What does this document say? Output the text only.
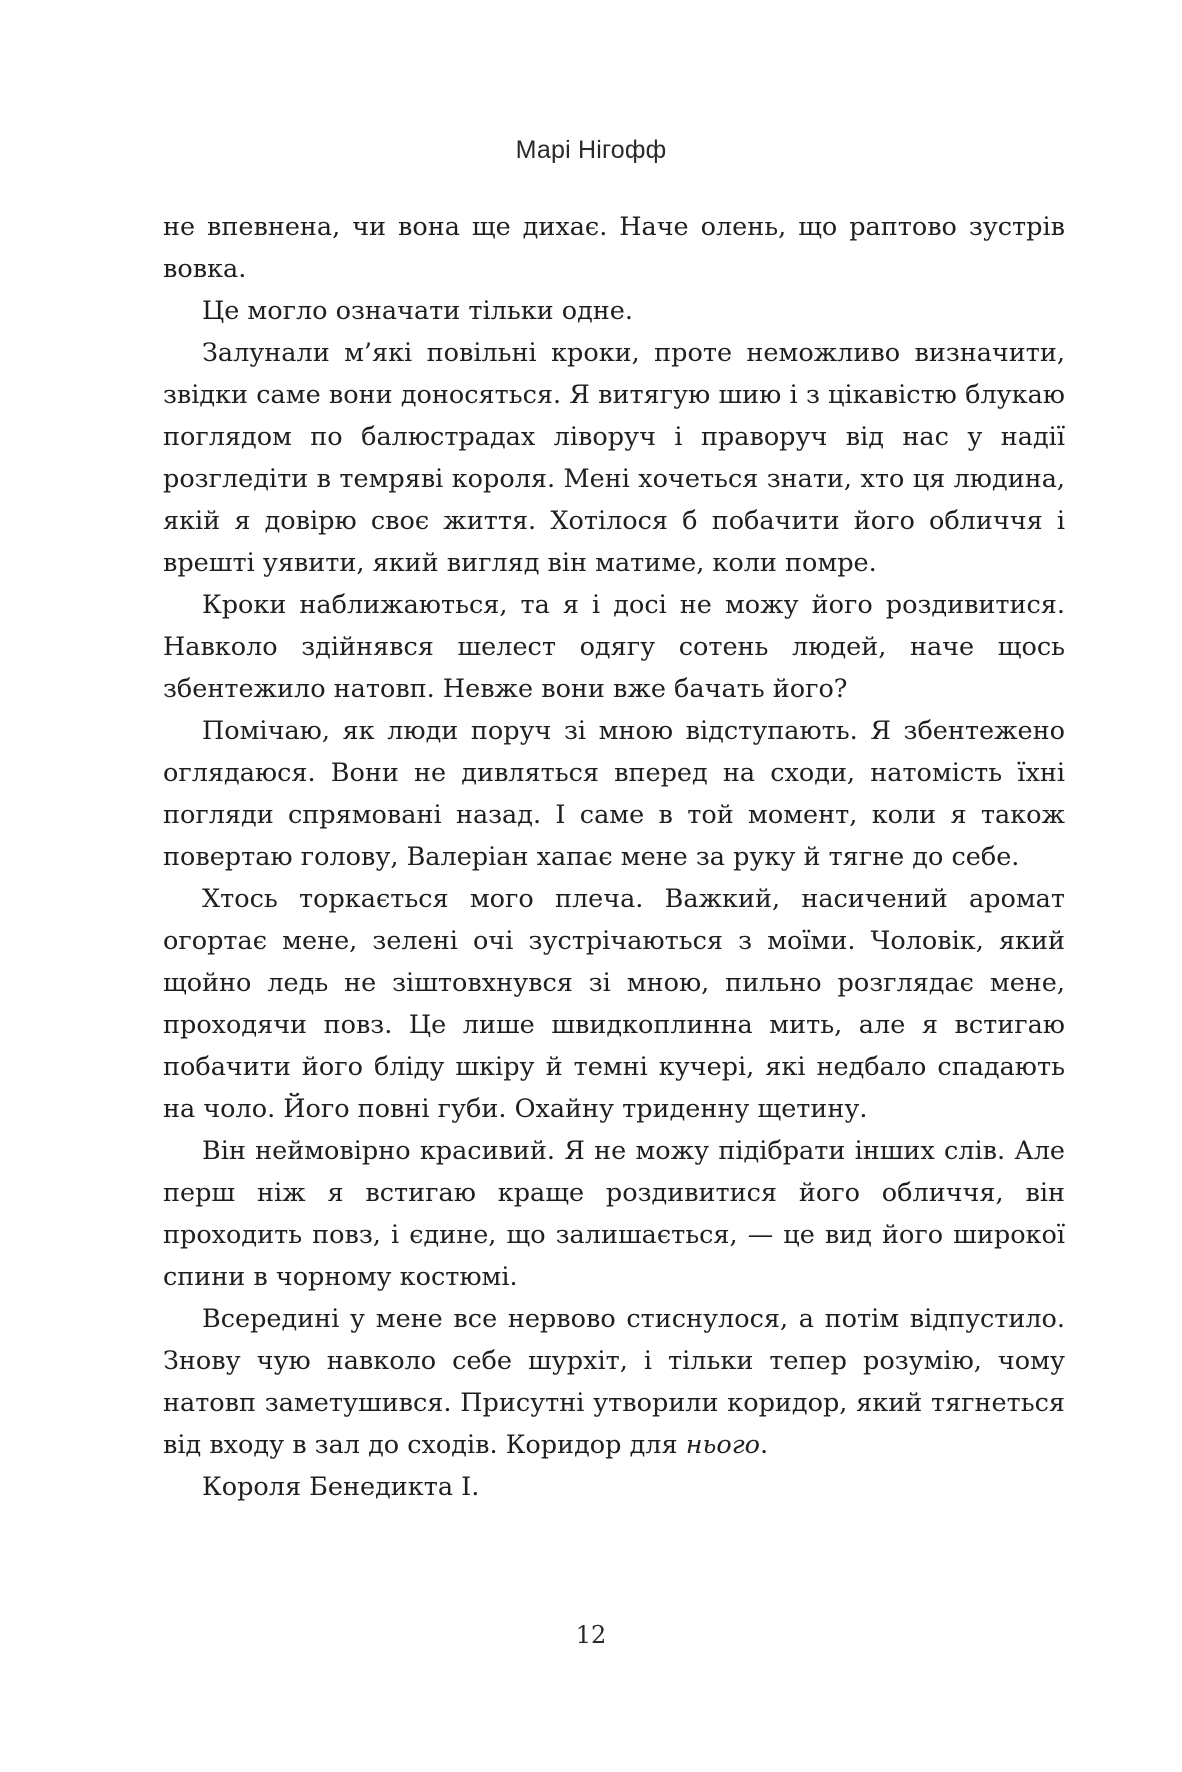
Марі Нігофф

не впевнена, чи вона ще дихає. Наче олень, що раптово зустрів вовка.

Це могло означати тільки одне.

Залунали м’які повільні кроки, проте неможливо визначити, звідки саме вони доносяться. Я витягую шию і з цікавістю блукаю поглядом по балюстрадах ліворуч і праворуч від нас у надії розгледіти в темряві короля. Мені хочеться знати, хто ця людина, якій я довірю своє життя. Хотілося б побачити його обличчя і врешті уявити, який вигляд він матиме, коли помре.

Кроки наближаються, та я і досі не можу його роздивитися. Навколо здійнявся шелест одягу сотень людей, наче щось збентежило натовп. Невже вони вже бачать його?

Помічаю, як люди поруч зі мною відступають. Я збентежено оглядаюся. Вони не дивляться вперед на сходи, натомість їхні погляди спрямовані назад. І саме в той момент, коли я також повертаю голову, Валеріан хапає мене за руку й тягне до себе.

Хтось торкається мого плеча. Важкий, насичений аромат огортає мене, зелені очі зустрічаються з моїми. Чоловік, який щойно ледь не зіштовхнувся зі мною, пильно розглядає мене, проходячи повз. Це лише швидкоплинна мить, але я встигаю побачити його бліду шкіру й темні кучері, які недбало спадають на чоло. Його повні губи. Охайну триденну щетину.

Він неймовірно красивий. Я не можу підібрати інших слів. Але перш ніж я встигаю краще роздивитися його обличчя, він проходить повз, і єдине, що залишається, — це вид його широкої спини в чорному костюмі.

Всередині у мене все нервово стиснулося, а потім відпустило. Знову чую навколо себе шурхіт, і тільки тепер розумію, чому натовп заметушився. Присутні утворили коридор, який тягнеться від входу в зал до сходів. Коридор для нього.

Короля Бенедикта І.

12
